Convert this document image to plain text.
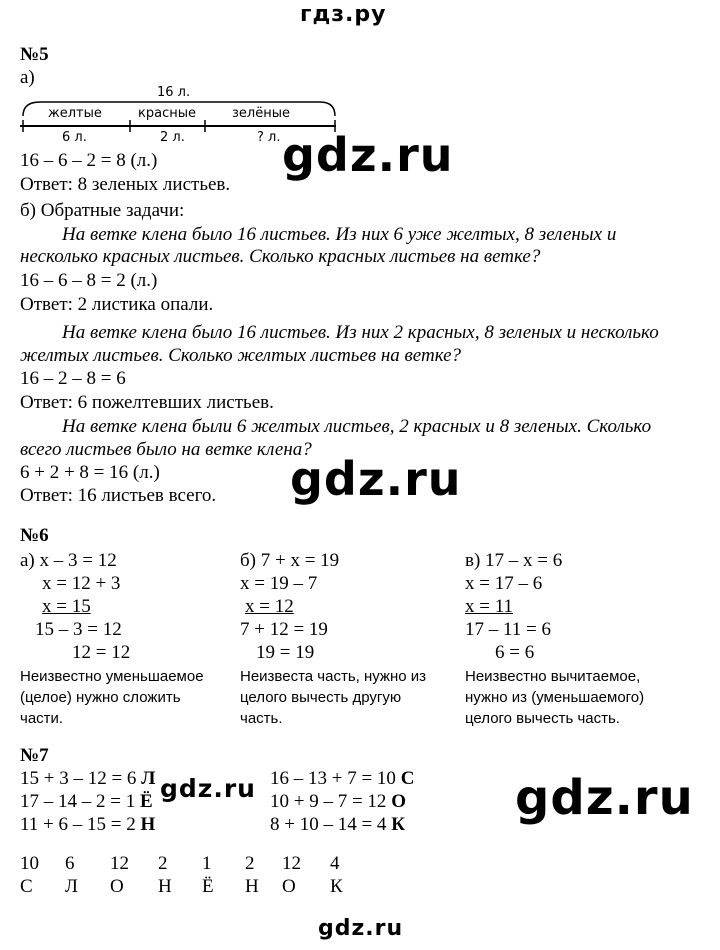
гдз.ру
№5
а)
16 л.
желтые	красные	зелёные
6 л.	2 л.	? л.
16 – 6 – 2 = 8 (л.)
Ответ: 8 зеленых листьев.
gdz.ru
б) Обратные задачи:
На ветке клена было 16 листьев. Из них 6 уже желтых, 8 зеленых и
несколько красных листьев. Сколько красных листьев на ветке?
16 – 6 – 8 = 2 (л.)
Ответ: 2 листика опали.
На ветке клена было 16 листьев. Из них 2 красных, 8 зеленых и несколько
желтых листьев. Сколько желтых листьев на ветке?
16 – 2 – 8 = 6
Ответ: 6 пожелтевших листьев.
На ветке клена были 6 желтых листьев, 2 красных и 8 зеленых. Сколько
всего листьев было на ветке клена?
6 + 2 + 8 = 16 (л.)
Ответ: 16 листьев всего. gdz.ru
№6
а) x – 3 = 12
x = 12 + 3
x = 15
15 – 3 = 12
12 = 12
Неизвестно уменьшаемое (целое) нужно сложить части.
б) 7 + x = 19
x = 19 – 7
x = 12
7 + 12 = 19
19 = 19
Неизвеста часть, нужно из целого вычесть другую часть.
в) 17 – x = 6
x = 17 – 6
x = 11
17 – 11 = 6
6 = 6
Неизвестно вычитаемое, нужно из (уменьшаемого) целого вычесть часть.
№7
15 + 3 – 12 = 6 Л
17 – 14 – 2 = 1 Ё
11 + 6 – 15 = 2 Н
gdz.ru 16 – 13 + 7 = 10 С
10 + 9 – 7 = 12 О
8 + 10 – 14 = 4 К gdz.ru
10 6 12 2 1 2 12 4
С Л О Н Ё Н О К
gdz.ru
